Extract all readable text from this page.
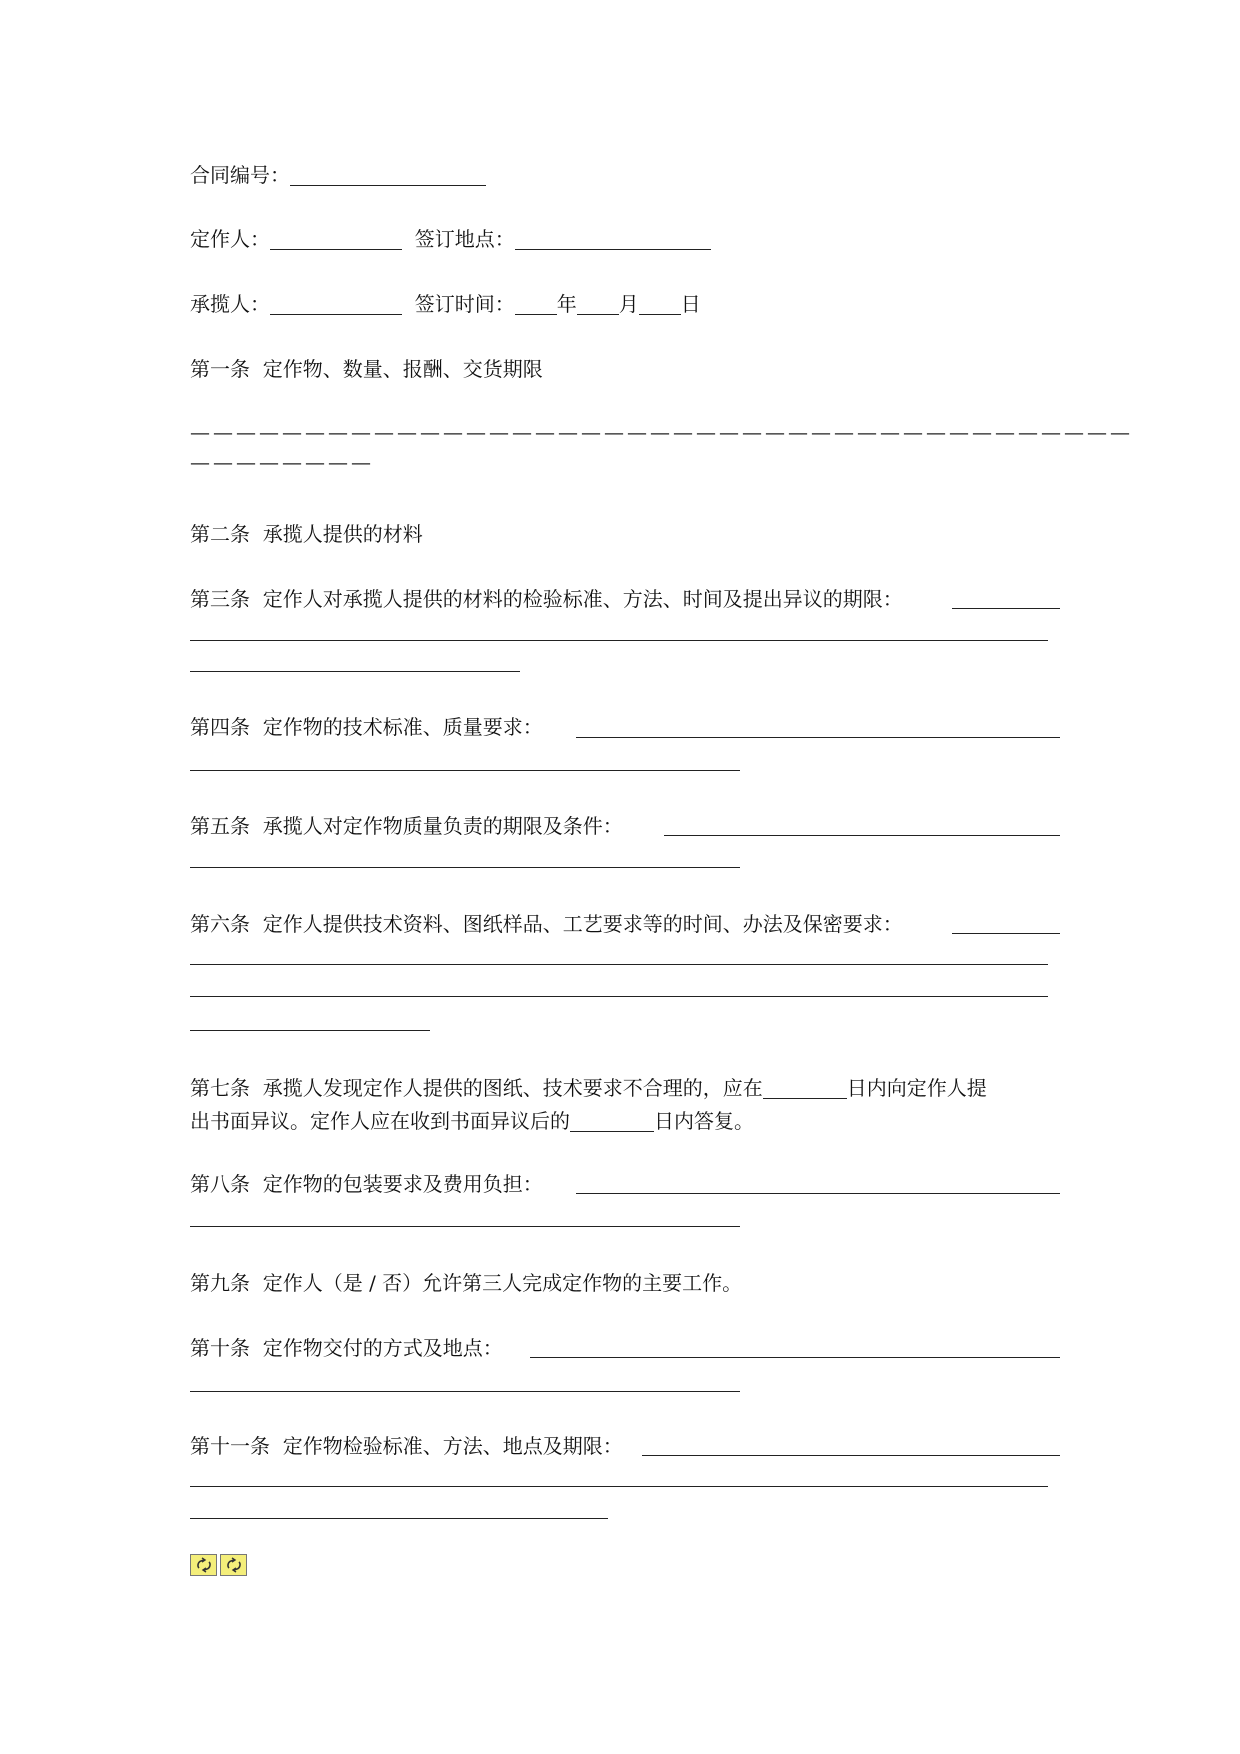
合同编号：
定作人：	签订地点：
承揽人：	签订时间： 年 月 日
第一条  定作物、数量、报酬、交货期限
—————————————————————————————————————————
————————
第二条  承揽人提供的材料
第三条  定作人对承揽人提供的材料的检验标准、方法、时间及提出异议的期限：
第四条  定作物的技术标准、质量要求：
第五条  承揽人对定作物质量负责的期限及条件：
第六条  定作人提供技术资料、图纸样品、工艺要求等的时间、办法及保密要求：
第七条  承揽人发现定作人提供的图纸、技术要求不合理的，应在	日内向定作人提
出书面异议。定作人应在收到书面异议后的	日内答复。
第八条  定作物的包装要求及费用负担：
第九条  定作人（是 / 否）允许第三人完成定作物的主要工作。
第十条  定作物交付的方式及地点：
第十一条  定作物检验标准、方法、地点及期限：
